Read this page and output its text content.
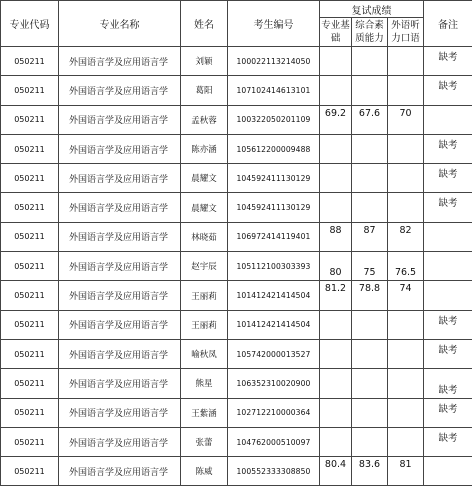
专业代码	专业名称	姓名	考生编号	复试成绩			备注
				专业基础	综合素质能力	外语听力口语	
050211	外国语言学及应用语言学	刘颖	100022113214050				缺考
050211	外国语言学及应用语言学	葛阳	107102414613101				缺考
050211	外国语言学及应用语言学	孟秋蓉	100322050201109	69.2	67.6	70	
050211	外国语言学及应用语言学	陈亦涵	105612200009488				缺考
050211	外国语言学及应用语言学	晨耀文	104592411130129				缺考
050211	外国语言学及应用语言学	晨耀文	104592411130129				缺考
050211	外国语言学及应用语言学	林晓茹	106972414119401	88	87	82	
050211	外国语言学及应用语言学	赵宇辰	105112100303393	80	75	76.5	
050211	外国语言学及应用语言学	王丽莉	101412421414504	81.2	78.8	74	
050211	外国语言学及应用语言学	王丽莉	101412421414504				缺考
050211	外国语言学及应用语言学	喻秋凤	105742000013527				缺考
050211	外国语言学及应用语言学	熊星	106352310020900				缺考
050211	外国语言学及应用语言学	王紫涵	102712210000364				缺考
050211	外国语言学及应用语言学	张蕾	104762000510097				缺考
050211	外国语言学及应用语言学	陈威	100552333308850	80.4	83.6	81	
